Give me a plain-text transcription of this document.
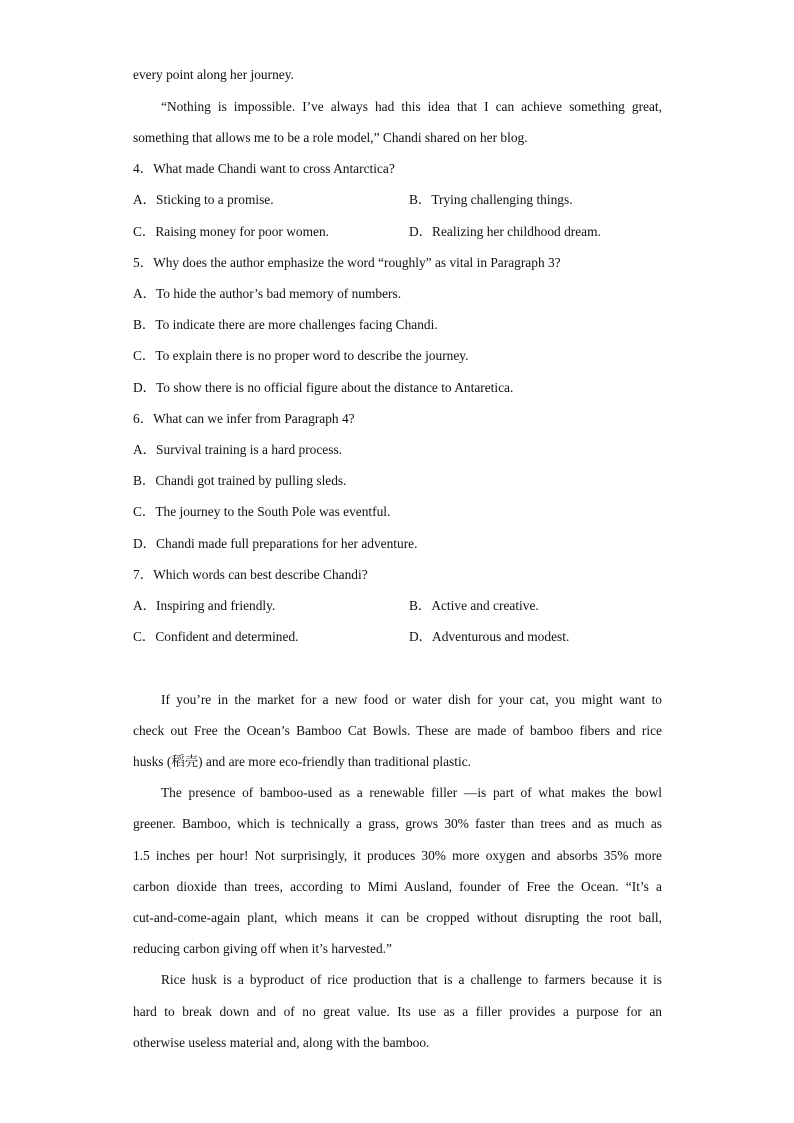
every point along her journey.
“Nothing is impossible. I’ve always had this idea that I can achieve something great,
something that allows me to be a role model,” Chandi shared on her blog.
4．What made Chandi want to cross Antarctica?
A．Sticking to a promise.	B．Trying challenging things.
C．Raising money for poor women.	D．Realizing her childhood dream.
5．Why does the author emphasize the word “roughly” as vital in Paragraph 3?
A．To hide the author’s bad memory of numbers.
B．To indicate there are more challenges facing Chandi.
C．To explain there is no proper word to describe the journey.
D．To show there is no official figure about the distance to Antaretica.
6．What can we infer from Paragraph 4?
A．Survival training is a hard process.
B．Chandi got trained by pulling sleds.
C．The journey to the South Pole was eventful.
D．Chandi made full preparations for her adventure.
7．Which words can best describe Chandi?
A．Inspiring and friendly.	B．Active and creative.
C．Confident and determined.	D．Adventurous and modest.
If you’re in the market for a new food or water dish for your cat, you might want to
check out Free the Ocean’s Bamboo Cat Bowls. These are made of bamboo fibers and rice
husks (稻壳) and are more eco-friendly than traditional plastic.
The presence of bamboo-used as a renewable filler —is part of what makes the bowl
greener. Bamboo, which is technically a grass, grows 30% faster than trees and as much as
1.5 inches per hour! Not surprisingly, it produces 30% more oxygen and absorbs 35% more
carbon dioxide than trees, according to Mimi Ausland, founder of Free the Ocean. “It’s a
cut-and-come-again plant, which means it can be cropped without disrupting the root ball,
reducing carbon giving off when it’s harvested.”
Rice husk is a byproduct of rice production that is a challenge to farmers because it is
hard to break down and of no great value. Its use as a filler provides a purpose for an
otherwise useless material and, along with the bamboo.
